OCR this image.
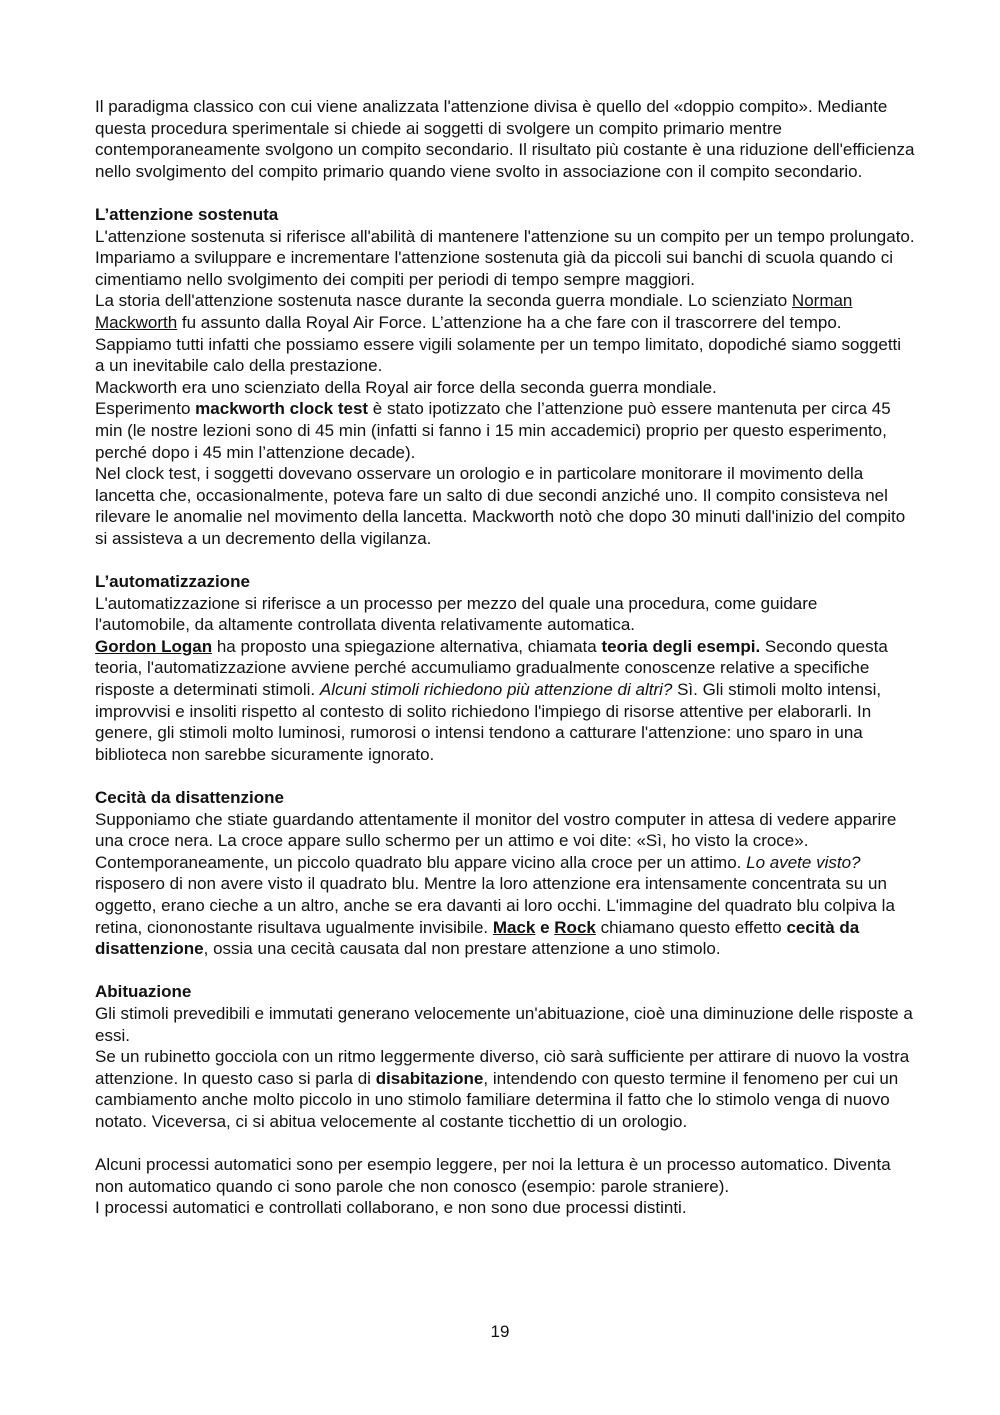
Il paradigma classico con cui viene analizzata l'attenzione divisa è quello del «doppio compito». Mediante questa procedura sperimentale si chiede ai soggetti di svolgere un compito primario mentre contemporaneamente svolgono un compito secondario. Il risultato più costante è una riduzione dell'efficienza nello svolgimento del compito primario quando viene svolto in associazione con il compito secondario.

L’attenzione sostenuta

L'attenzione sostenuta si riferisce all'abilità di mantenere l'attenzione su un compito per un tempo prolungato. Impariamo a sviluppare e incrementare l'attenzione sostenuta già da piccoli sui banchi di scuola quando ci cimentiamo nello svolgimento dei compiti per periodi di tempo sempre maggiori.

La storia dell'attenzione sostenuta nasce durante la seconda guerra mondiale. Lo scienziato Norman Mackworth fu assunto dalla Royal Air Force. L’attenzione ha a che fare con il trascorrere del tempo. Sappiamo tutti infatti che possiamo essere vigili solamente per un tempo limitato, dopodiché siamo soggetti a un inevitabile calo della prestazione.

Mackworth era uno scienziato della Royal air force della seconda guerra mondiale.

Esperimento mackworth clock test è stato ipotizzato che l’attenzione può essere mantenuta per circa 45 min (le nostre lezioni sono di 45 min (infatti si fanno i 15 min accademici) proprio per questo esperimento, perché dopo i 45 min l’attenzione decade).

Nel clock test, i soggetti dovevano osservare un orologio e in particolare monitorare il movimento della lancetta che, occasionalmente, poteva fare un salto di due secondi anziché uno. Il compito consisteva nel rilevare le anomalie nel movimento della lancetta. Mackworth notò che dopo 30 minuti dall'inizio del compito si assisteva a un decremento della vigilanza.

L’automatizzazione

L'automatizzazione si riferisce a un processo per mezzo del quale una procedura, come guidare l'automobile, da altamente controllata diventa relativamente automatica.

Gordon Logan ha proposto una spiegazione alternativa, chiamata teoria degli esempi. Secondo questa teoria, l'automatizzazione avviene perché accumuliamo gradualmente conoscenze relative a specifiche risposte a determinati stimoli. Alcuni stimoli richiedono più attenzione di altri? Sì. Gli stimoli molto intensi, improvvisi e insoliti rispetto al contesto di solito richiedono l'impiego di risorse attentive per elaborarli. In genere, gli stimoli molto luminosi, rumorosi o intensi tendono a catturare l'attenzione: uno sparo in una biblioteca non sarebbe sicuramente ignorato.

Cecità da disattenzione

Supponiamo che stiate guardando attentamente il monitor del vostro computer in attesa di vedere apparire una croce nera. La croce appare sullo schermo per un attimo e voi dite: «Sì, ho visto la croce».

Contemporaneamente, un piccolo quadrato blu appare vicino alla croce per un attimo. Lo avete visto? risposero di non avere visto il quadrato blu. Mentre la loro attenzione era intensamente concentrata su un oggetto, erano cieche a un altro, anche se era davanti ai loro occhi. L'immagine del quadrato blu colpiva la retina, ciononostante risultava ugualmente invisibile. Mack e Rock chiamano questo effetto cecità da disattenzione, ossia una cecità causata dal non prestare attenzione a uno stimolo.

Abituazione

Gli stimoli prevedibili e immutati generano velocemente un'abituazione, cioè una diminuzione delle risposte a essi.

Se un rubinetto gocciola con un ritmo leggermente diverso, ciò sarà sufficiente per attirare di nuovo la vostra attenzione. In questo caso si parla di disabitazione, intendendo con questo termine il fenomeno per cui un cambiamento anche molto piccolo in uno stimolo familiare determina il fatto che lo stimolo venga di nuovo notato. Viceversa, ci si abitua velocemente al costante ticchettio di un orologio.

Alcuni processi automatici sono per esempio leggere, per noi la lettura è un processo automatico. Diventa non automatico quando ci sono parole che non conosco (esempio: parole straniere).

I processi automatici e controllati collaborano, e non sono due processi distinti.

19
